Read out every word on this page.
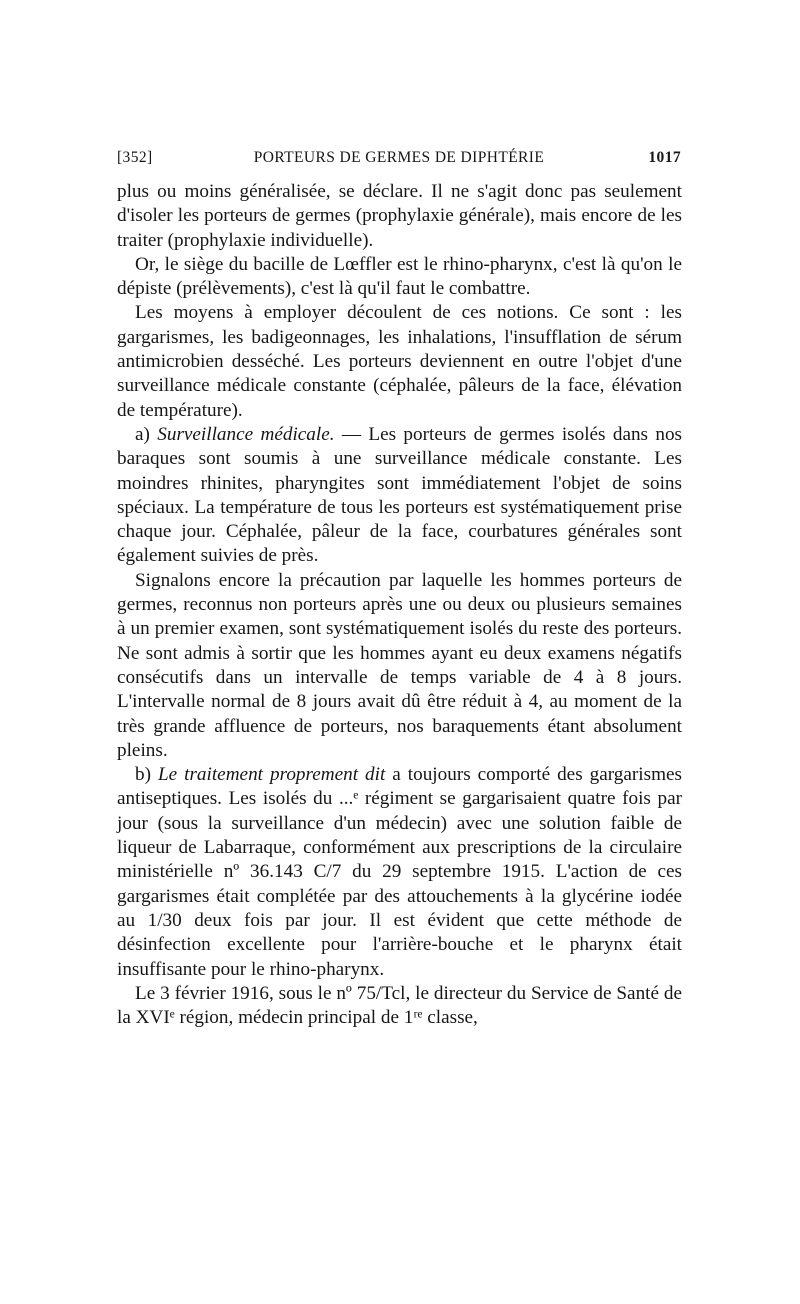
[352]	PORTEURS DE GERMES DE DIPHTÉRIE	1017

plus ou moins généralisée, se déclare. Il ne s'agit donc pas seulement d'isoler les porteurs de germes (prophylaxie générale), mais encore de les traiter (prophylaxie individuelle).

Or, le siège du bacille de Lœffler est le rhino-pharynx, c'est là qu'on le dépiste (prélèvements), c'est là qu'il faut le combattre.

Les moyens à employer découlent de ces notions. Ce sont : les gargarismes, les badigeonnages, les inhalations, l'insufflation de sérum antimicrobien desséché. Les porteurs deviennent en outre l'objet d'une surveillance médicale constante (céphalée, pâleurs de la face, élévation de température).

a) Surveillance médicale. — Les porteurs de germes isolés dans nos baraques sont soumis à une surveillance médicale constante. Les moindres rhinites, pharyngites sont immédiatement l'objet de soins spéciaux. La température de tous les porteurs est systématiquement prise chaque jour. Céphalée, pâleur de la face, courbatures générales sont également suivies de près.

Signalons encore la précaution par laquelle les hommes porteurs de germes, reconnus non porteurs après une ou deux ou plusieurs semaines à un premier examen, sont systématiquement isolés du reste des porteurs. Ne sont admis à sortir que les hommes ayant eu deux examens négatifs consécutifs dans un intervalle de temps variable de 4 à 8 jours. L'intervalle normal de 8 jours avait dû être réduit à 4, au moment de la très grande affluence de porteurs, nos baraquements étant absolument pleins.

b) Le traitement proprement dit a toujours comporté des gargarismes antiseptiques. Les isolés du ...ᵉ régiment se gargarisaient quatre fois par jour (sous la surveillance d'un médecin) avec une solution faible de liqueur de Labarraque, conformément aux prescriptions de la circulaire ministérielle nº 36.143 C/7 du 29 septembre 1915. L'action de ces gargarismes était complétée par des attouchements à la glycérine iodée au 1/30 deux fois par jour. Il est évident que cette méthode de désinfection excellente pour l'arrière-bouche et le pharynx était insuffisante pour le rhino-pharynx.

Le 3 février 1916, sous le nº 75/Tcl, le directeur du Service de Santé de la XVIᵉ région, médecin principal de 1ʳᵉ classe,
